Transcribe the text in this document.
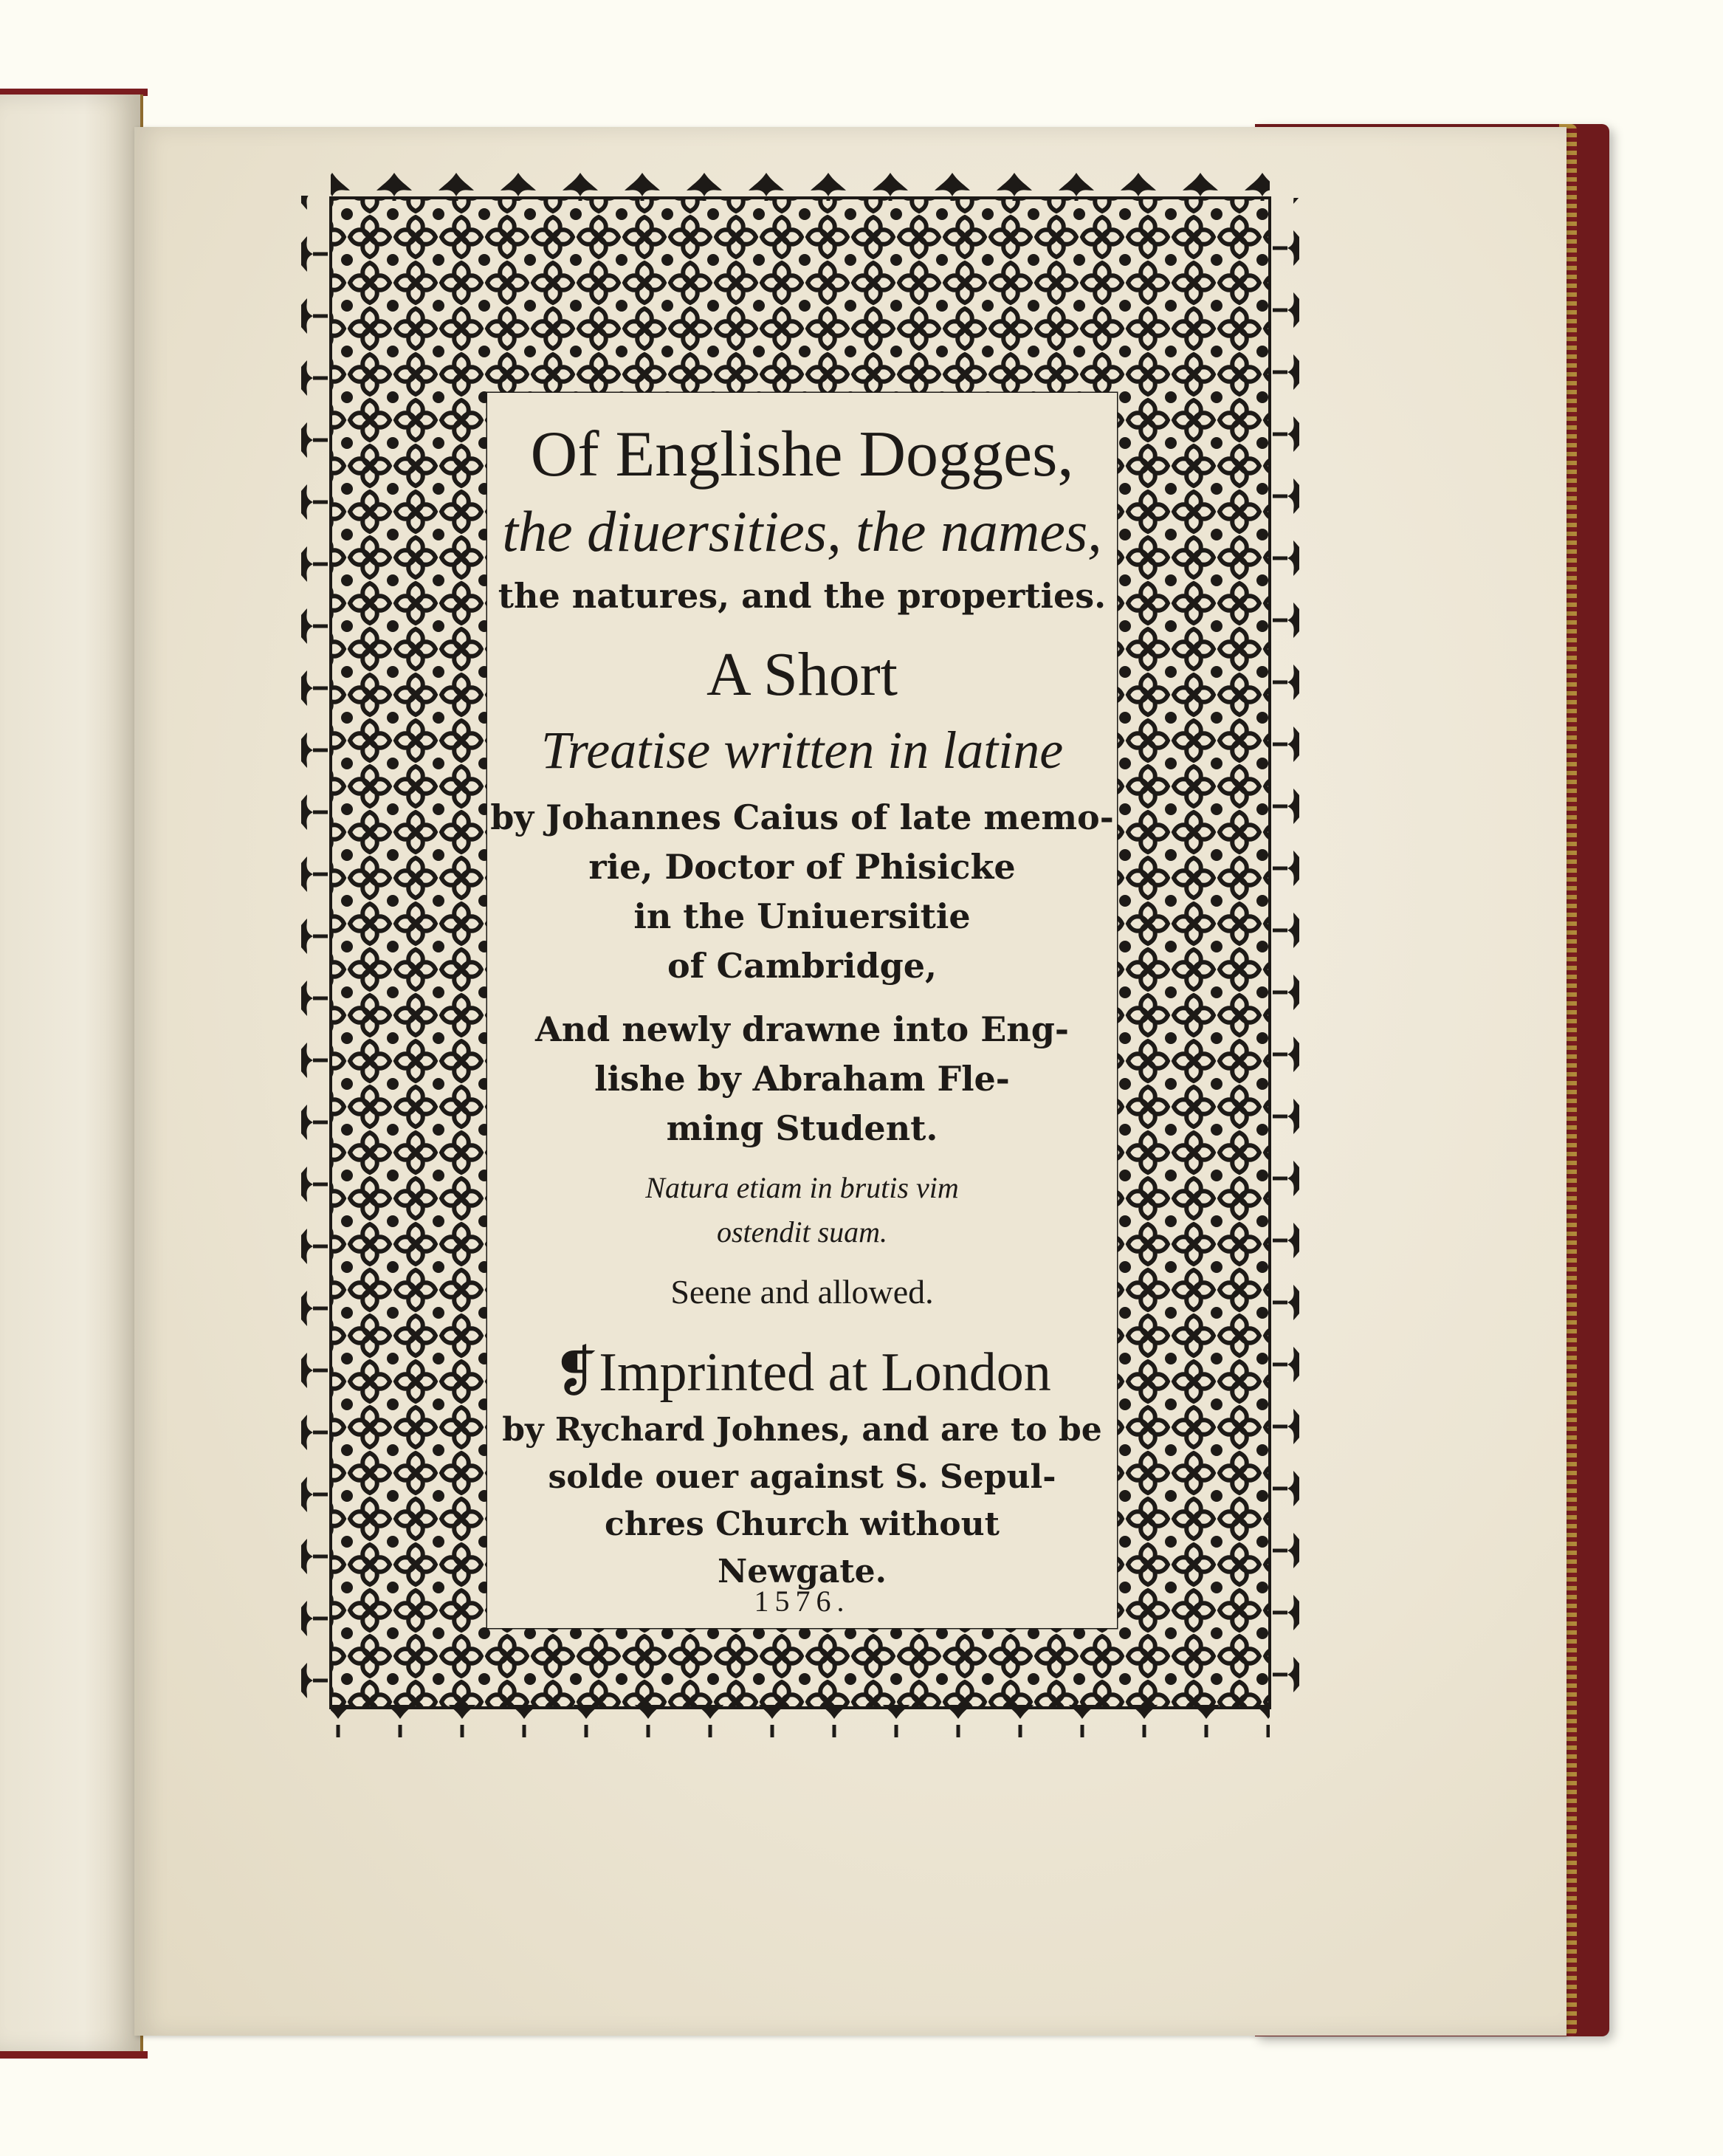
Of Englishe Dogges,
the diuersities, the names,
the natures, and the properties.
A Short
Treatise written in latine
by Johannes Caius of late memo-
rie, Doctor of Phisicke
in the Uniuersitie
of Cambridge,
And newly drawne into Eng-
lishe by Abraham Fle-
ming Student.
Natura etiam in brutis vim
ostendit suam.
Seene and allowed.
❡Imprinted at London
by Rychard Johnes, and are to be
solde ouer against S. Sepul-
chres Church without
Newgate.
1576.
